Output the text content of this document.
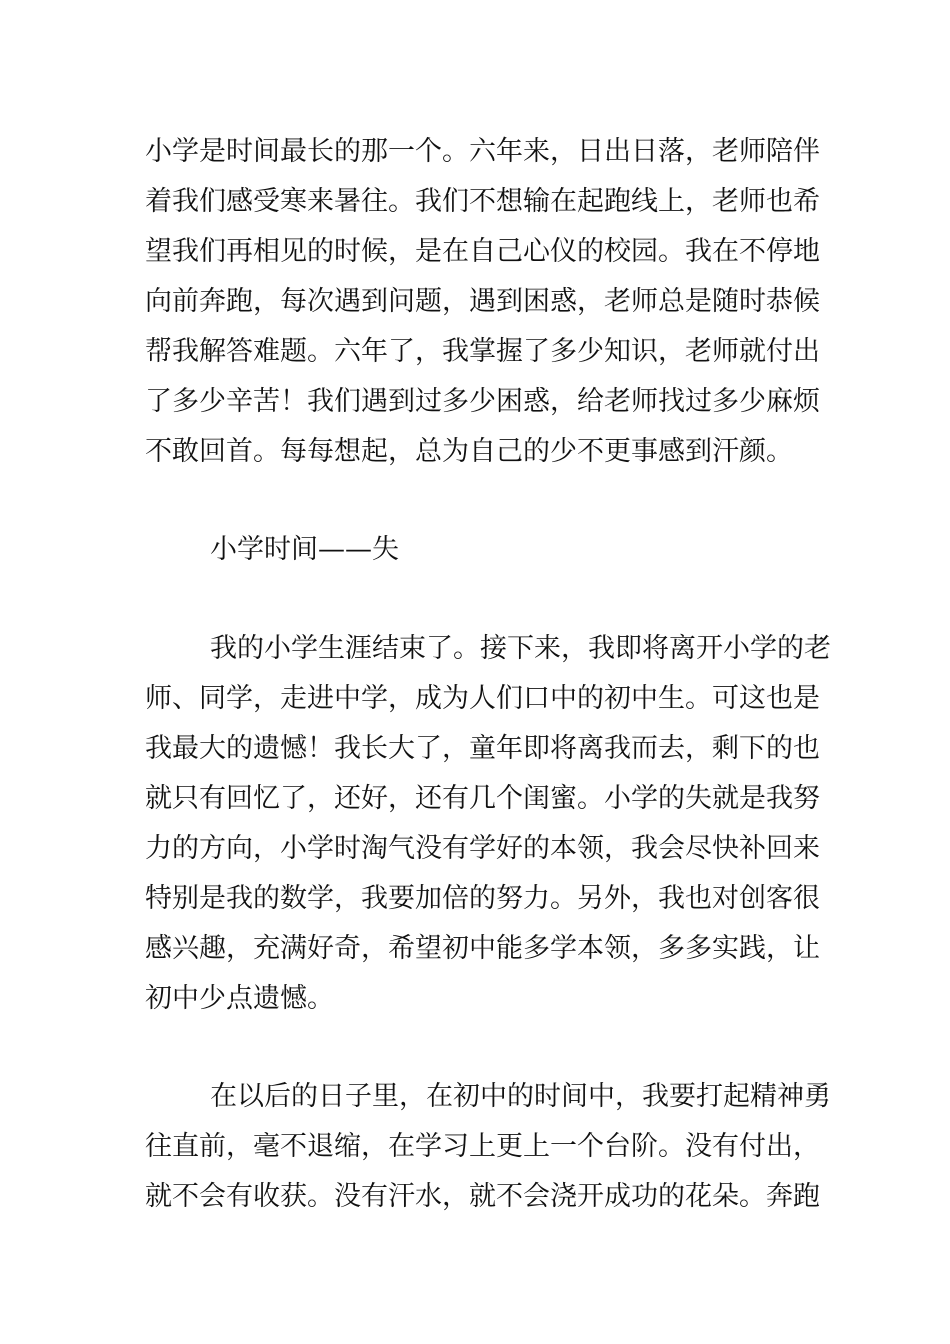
小学是时间最长的那一个。六年来，日出日落，老师陪伴
着我们感受寒来暑往。我们不想输在起跑线上，老师也希
望我们再相见的时候，是在自己心仪的校园。我在不停地
向前奔跑，每次遇到问题，遇到困惑，老师总是随时恭候
帮我解答难题。六年了，我掌握了多少知识，老师就付出
了多少辛苦！我们遇到过多少困惑，给老师找过多少麻烦
不敢回首。每每想起，总为自己的少不更事感到汗颜。
小学时间——失
我的小学生涯结束了。接下来，我即将离开小学的老
师、同学，走进中学，成为人们口中的初中生。可这也是
我最大的遗憾！我长大了，童年即将离我而去，剩下的也
就只有回忆了，还好，还有几个闺蜜。小学的失就是我努
力的方向，小学时淘气没有学好的本领，我会尽快补回来
特别是我的数学，我要加倍的努力。另外，我也对创客很
感兴趣，充满好奇，希望初中能多学本领，多多实践，让
初中少点遗憾。
在以后的日子里，在初中的时间中，我要打起精神勇
往直前，毫不退缩，在学习上更上一个台阶。没有付出，
就不会有收获。没有汗水，就不会浇开成功的花朵。奔跑
